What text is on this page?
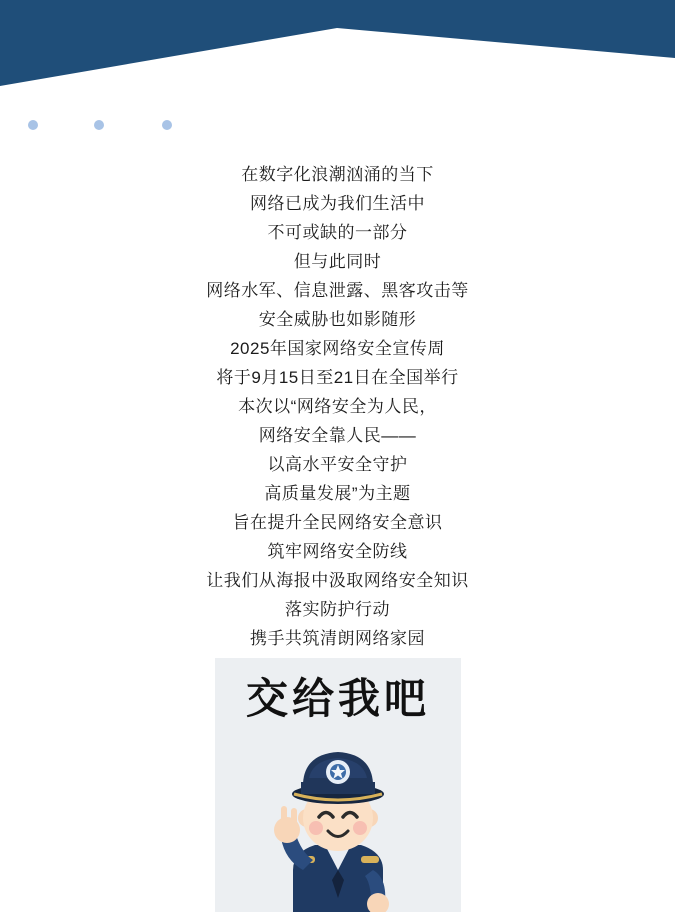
在数字化浪潮汹涌的当下
网络已成为我们生活中
不可或缺的一部分
但与此同时
网络水军、信息泄露、黑客攻击等
安全威胁也如影随形
2025年国家网络安全宣传周
将于9月15日至21日在全国举行
本次以“网络安全为人民，
网络安全靠人民——
以高水平安全守护
高质量发展”为主题
旨在提升全民网络安全意识
筑牢网络安全防线
让我们从海报中汲取网络安全知识
落实防护行动
携手共筑清朗网络家园
交给我吧
